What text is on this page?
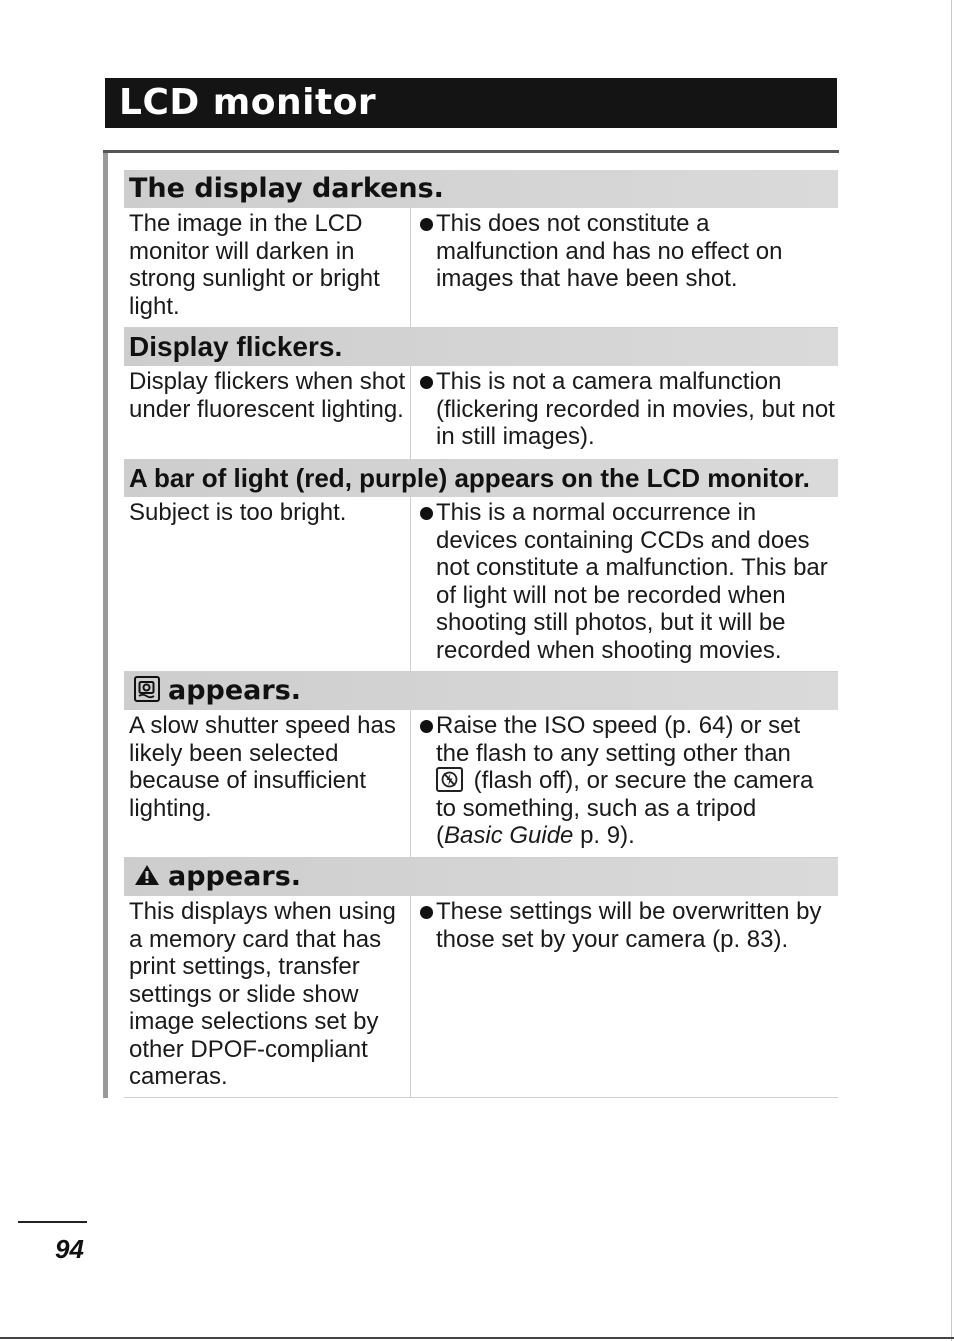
LCD monitor
The display darkens.
The image in the LCD monitor will darken in strong sunlight or bright light.
This does not constitute a malfunction and has no effect on images that have been shot.
Display flickers.
Display flickers when shot under fluorescent lighting.
This is not a camera malfunction (flickering recorded in movies, but not in still images).
A bar of light (red, purple) appears on the LCD monitor.
Subject is too bright.	This is a normal occurrence in devices containing CCDs and does not constitute a malfunction. This bar of light will not be recorded when shooting still photos, but it will be recorded when shooting movies.
appears.
A slow shutter speed has likely been selected because of insufficient lighting.
Raise the ISO speed (p. 64) or set the flash to any setting other than

(flash off), or secure the camera to something, such as a tripod
(Basic Guide p. 9).
appears.
This displays when using a memory card that has print settings, transfer settings or slide show image selections set by other DPOF-compliant cameras.
These settings will be overwritten by those set by your camera (p. 83).
94
